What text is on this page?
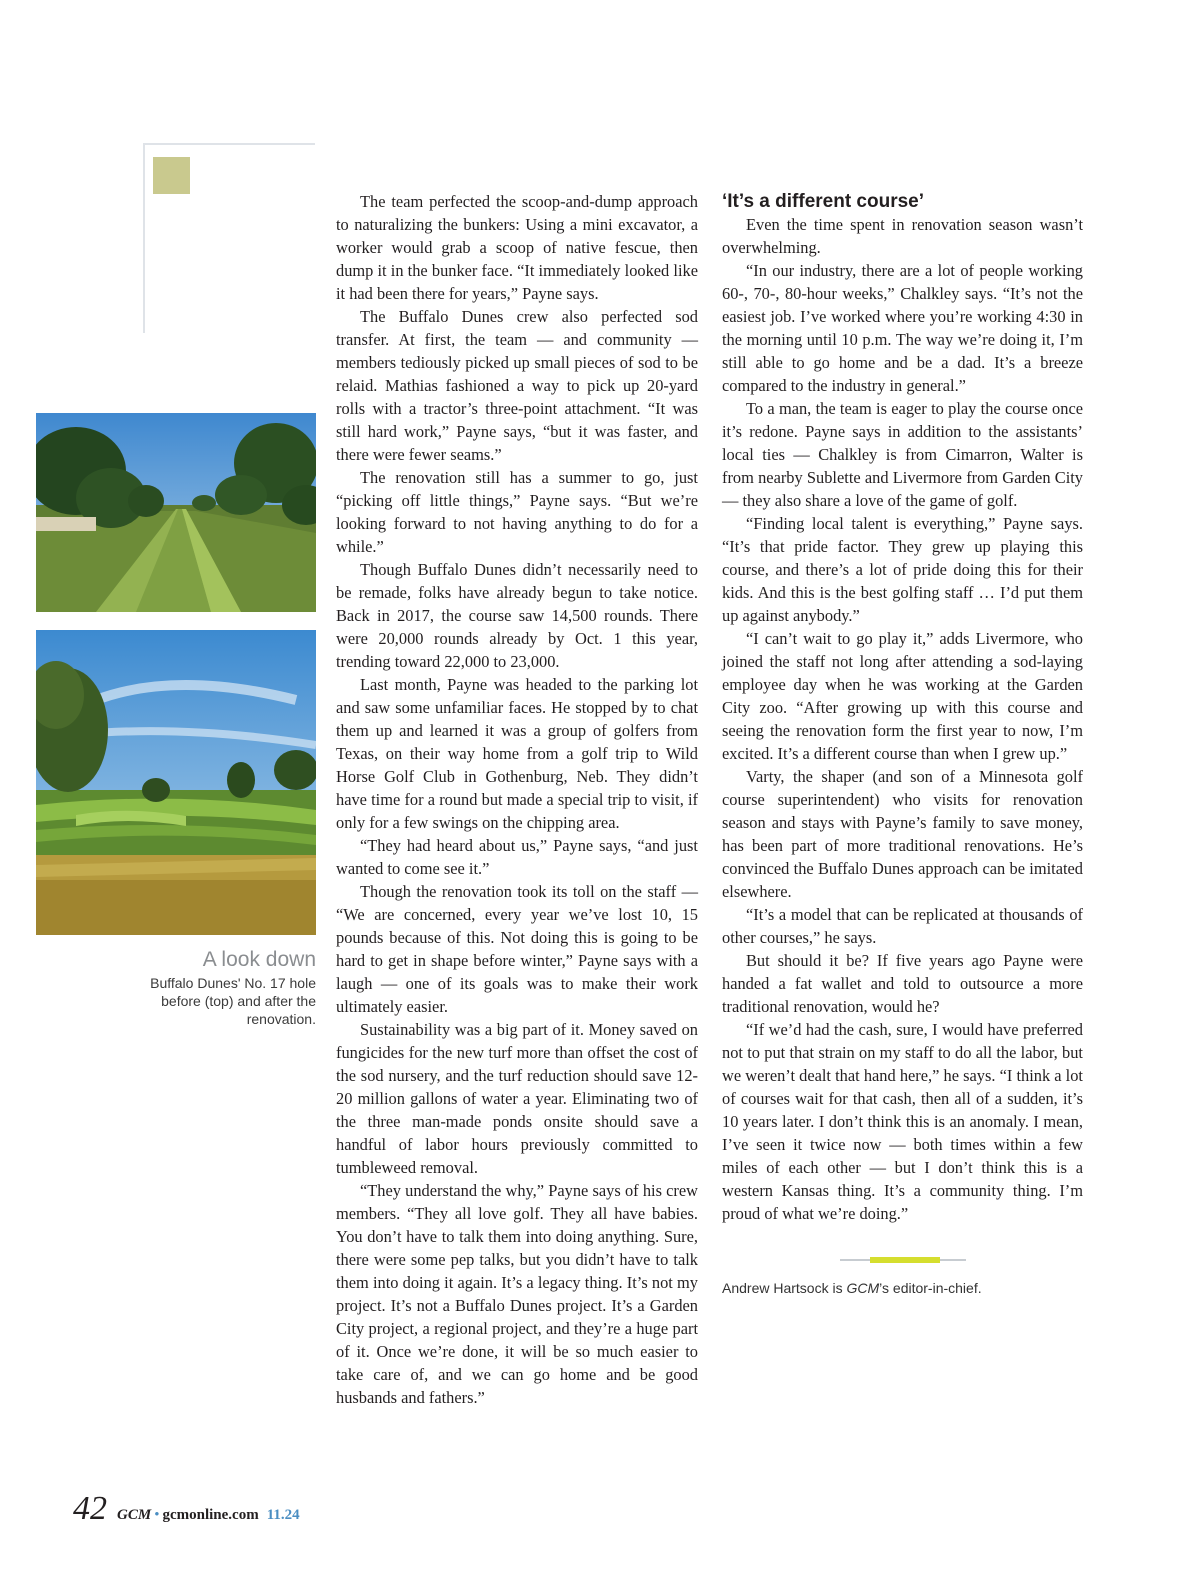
A look down
Buffalo Dunes' No. 17 hole before (top) and after the renovation.

The team perfected the scoop-and-dump approach to naturalizing the bunkers: Using a mini excavator, a worker would grab a scoop of native fescue, then dump it in the bunker face. “It immediately looked like it had been there for years,” Payne says.

The Buffalo Dunes crew also perfected sod transfer. At first, the team — and community — members tediously picked up small pieces of sod to be relaid. Mathias fashioned a way to pick up 20-yard rolls with a tractor’s three-point attachment. “It was still hard work,” Payne says, “but it was faster, and there were fewer seams.”

The renovation still has a summer to go, just “picking off little things,” Payne says. “But we’re looking forward to not having anything to do for a while.”

Though Buffalo Dunes didn’t necessarily need to be remade, folks have already begun to take notice. Back in 2017, the course saw 14,500 rounds. There were 20,000 rounds already by Oct. 1 this year, trending toward 22,000 to 23,000.

Last month, Payne was headed to the parking lot and saw some unfamiliar faces. He stopped by to chat them up and learned it was a group of golfers from Texas, on their way home from a golf trip to Wild Horse Golf Club in Gothenburg, Neb. They didn’t have time for a round but made a special trip to visit, if only for a few swings on the chipping area.

“They had heard about us,” Payne says, “and just wanted to come see it.”

Though the renovation took its toll on the staff — “We are concerned, every year we’ve lost 10, 15 pounds because of this. Not doing this is going to be hard to get in shape before winter,” Payne says with a laugh — one of its goals was to make their work ultimately easier.

Sustainability was a big part of it. Money saved on fungicides for the new turf more than offset the cost of the sod nursery, and the turf reduction should save 12-20 million gallons of water a year. Eliminating two of the three man-made ponds onsite should save a handful of labor hours previously committed to tumbleweed removal.

“They understand the why,” Payne says of his crew members. “They all love golf. They all have babies. You don’t have to talk them into doing anything. Sure, there were some pep talks, but you didn’t have to talk them into doing it again. It’s a legacy thing. It’s not my project. It’s not a Buffalo Dunes project. It’s a Garden City project, a regional project, and they’re a huge part of it. Once we’re done, it will be so much easier to take care of, and we can go home and be good husbands and fathers.”

‘It’s a different course’

Even the time spent in renovation season wasn’t overwhelming.

“In our industry, there are a lot of people working 60-, 70-, 80-hour weeks,” Chalkley says. “It’s not the easiest job. I’ve worked where you’re working 4:30 in the morning until 10 p.m. The way we’re doing it, I’m still able to go home and be a dad. It’s a breeze compared to the industry in general.”

To a man, the team is eager to play the course once it’s redone. Payne says in addition to the assistants’ local ties — Chalkley is from Cimarron, Walter is from nearby Sublette and Livermore from Garden City — they also share a love of the game of golf.

“Finding local talent is everything,” Payne says. “It’s that pride factor. They grew up playing this course, and there’s a lot of pride doing this for their kids. And this is the best golfing staff … I’d put them up against anybody.”

“I can’t wait to go play it,” adds Livermore, who joined the staff not long after attending a sod-laying employee day when he was working at the Garden City zoo. “After growing up with this course and seeing the renovation form the first year to now, I’m excited. It’s a different course than when I grew up.”

Varty, the shaper (and son of a Minnesota golf course superintendent) who visits for renovation season and stays with Payne’s family to save money, has been part of more traditional renovations. He’s convinced the Buffalo Dunes approach can be imitated elsewhere.

“It’s a model that can be replicated at thousands of other courses,” he says.

But should it be? If five years ago Payne were handed a fat wallet and told to outsource a more traditional renovation, would he?

“If we’d had the cash, sure, I would have preferred not to put that strain on my staff to do all the labor, but we weren’t dealt that hand here,” he says. “I think a lot of courses wait for that cash, then all of a sudden, it’s 10 years later. I don’t think this is an anomaly. I mean, I’ve seen it twice now — both times within a few miles of each other — but I don’t think this is a western Kansas thing. It’s a community thing. I’m proud of what we’re doing.”

Andrew Hartsock is GCM’s editor-in-chief.
42 GCM • gcmonline.com 11.24
